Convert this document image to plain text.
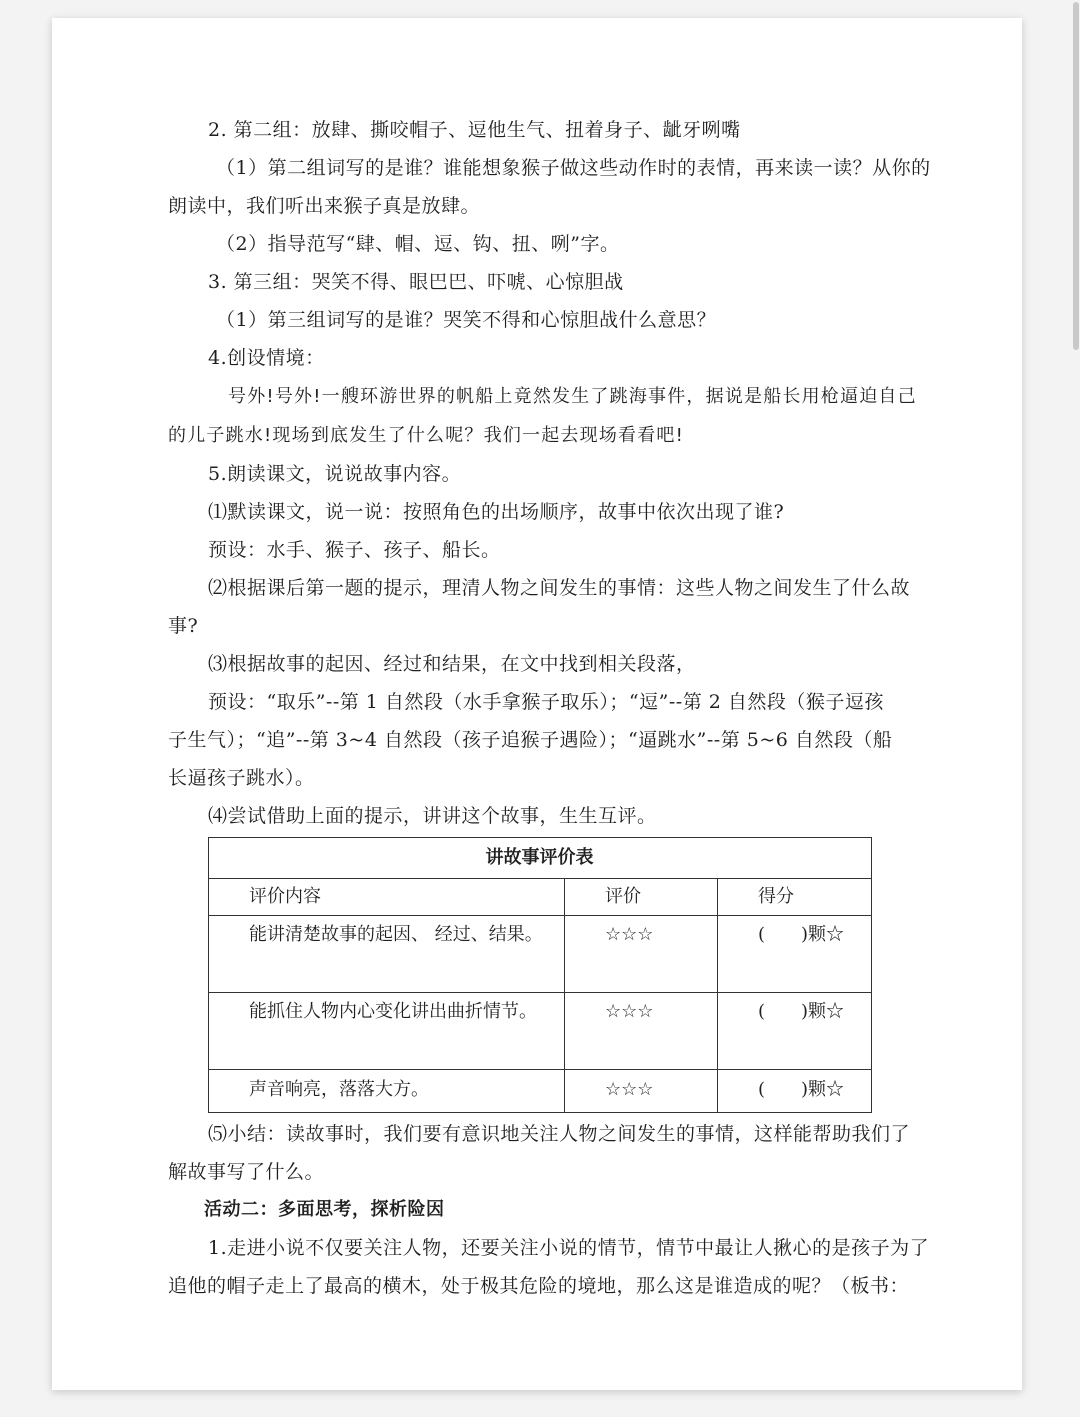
2. 第二组：放肆、撕咬帽子、逗他生气、扭着身子、龇牙咧嘴
（1）第二组词写的是谁？谁能想象猴子做这些动作时的表情，再来读一读？从你的
朗读中，我们听出来猴子真是放肆。
（2）指导范写“肆、帽、逗、钩、扭、咧”字。
3. 第三组：哭笑不得、眼巴巴、吓唬、心惊胆战
（1）第三组词写的是谁？哭笑不得和心惊胆战什么意思？
4.创设情境：
号外!号外!一艘环游世界的帆船上竟然发生了跳海事件，据说是船长用枪逼迫自己
的儿子跳水!现场到底发生了什么呢？我们一起去现场看看吧!
5.朗读课文，说说故事内容。
⑴默读课文，说一说：按照角色的出场顺序，故事中依次出现了谁?
预设：水手、猴子、孩子、船长。
⑵根据课后第一题的提示，理清人物之间发生的事情：这些人物之间发生了什么故
事?
⑶根据故事的起因、经过和结果，在文中找到相关段落，
预设：“取乐”--第 1 自然段（水手拿猴子取乐）；“逗”--第 2 自然段（猴子逗孩
子生气）；“追”--第 3~4 自然段（孩子追猴子遇险）；“逼跳水”--第 5~6 自然段（船
长逼孩子跳水）。
⑷尝试借助上面的提示，讲讲这个故事，生生互评。
讲故事评价表
评价内容	评价	得分
能讲清楚故事的起因、 经过、结果。	☆☆☆	(　　)颗☆
能抓住人物内心变化讲出曲折情节。	☆☆☆	(　　)颗☆
声音响亮，落落大方。	☆☆☆	(　　)颗☆
⑸小结：读故事时，我们要有意识地关注人物之间发生的事情，这样能帮助我们了
解故事写了什么。
活动二：多面思考，探析险因
1.走进小说不仅要关注人物，还要关注小说的情节，情节中最让人揪心的是孩子为了
追他的帽子走上了最高的横木，处于极其危险的境地，那么这是谁造成的呢？（板书：
